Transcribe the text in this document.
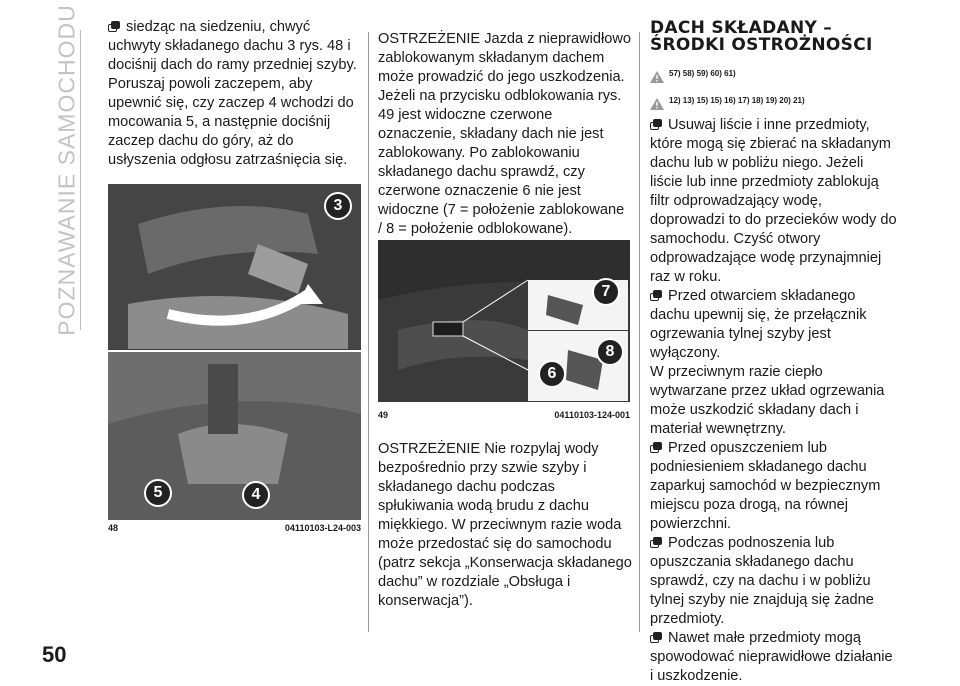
POZNAWANIE SAMOCHODU
50

siedząc na siedzeniu, chwyć uchwyty składanego dachu 3 rys. 48 i dociśnij dach do ramy przedniej szyby. Poruszaj powoli zaczepem, aby upewnić się, czy zaczep 4 wchodzi do mocowania 5, a następnie dociśnij zaczep dachu do góry, aż do usłyszenia odgłosu zatrzaśnięcia się.

3
5	4
48	04110103-L24-003

OSTRZEŻENIE Jazda z nieprawidłowo zablokowanym składanym dachem może prowadzić do jego uszkodzenia. Jeżeli na przycisku odblokowania rys. 49 jest widoczne czerwone oznaczenie, składany dach nie jest zablokowany. Po zablokowaniu składanego dachu sprawdź, czy czerwone oznaczenie 6 nie jest widoczne (7 = położenie zablokowane / 8 = położenie odblokowane).

7
8
6
49	04110103-124-001

OSTRZEŻENIE Nie rozpylaj wody bezpośrednio przy szwie szyby i składanego dachu podczas spłukiwania wodą brudu z dachu miękkiego. W przeciwnym razie woda może przedostać się do samochodu (patrz sekcja „Konserwacja składanego dachu” w rozdziale „Obsługa i konserwacja”).

DACH SKŁADANY –
ŚRODKI OSTROŻNOŚCI
57) 58) 59) 60) 61)
12) 13) 15) 15) 16) 17) 18) 19) 20) 21)

Usuwaj liście i inne przedmioty, które mogą się zbierać na składanym dachu lub w pobliżu niego. Jeżeli liście lub inne przedmioty zablokują filtr odprowadzający wodę, doprowadzi to do przecieków wody do samochodu. Czyść otwory odprowadzające wodę przynajmniej raz w roku.

Przed otwarciem składanego dachu upewnij się, że przełącznik ogrzewania tylnej szyby jest wyłączony.

W przeciwnym razie ciepło wytwarzane przez układ ogrzewania może uszkodzić składany dach i materiał wewnętrzny.

Przed opuszczeniem lub podniesieniem składanego dachu zaparkuj samochód w bezpiecznym miejscu poza drogą, na równej powierzchni.

Podczas podnoszenia lub opuszczania składanego dachu sprawdź, czy na dachu i w pobliżu tylnej szyby nie znajdują się żadne przedmioty.

Nawet małe przedmioty mogą spowodować nieprawidłowe działanie i uszkodzenie.
